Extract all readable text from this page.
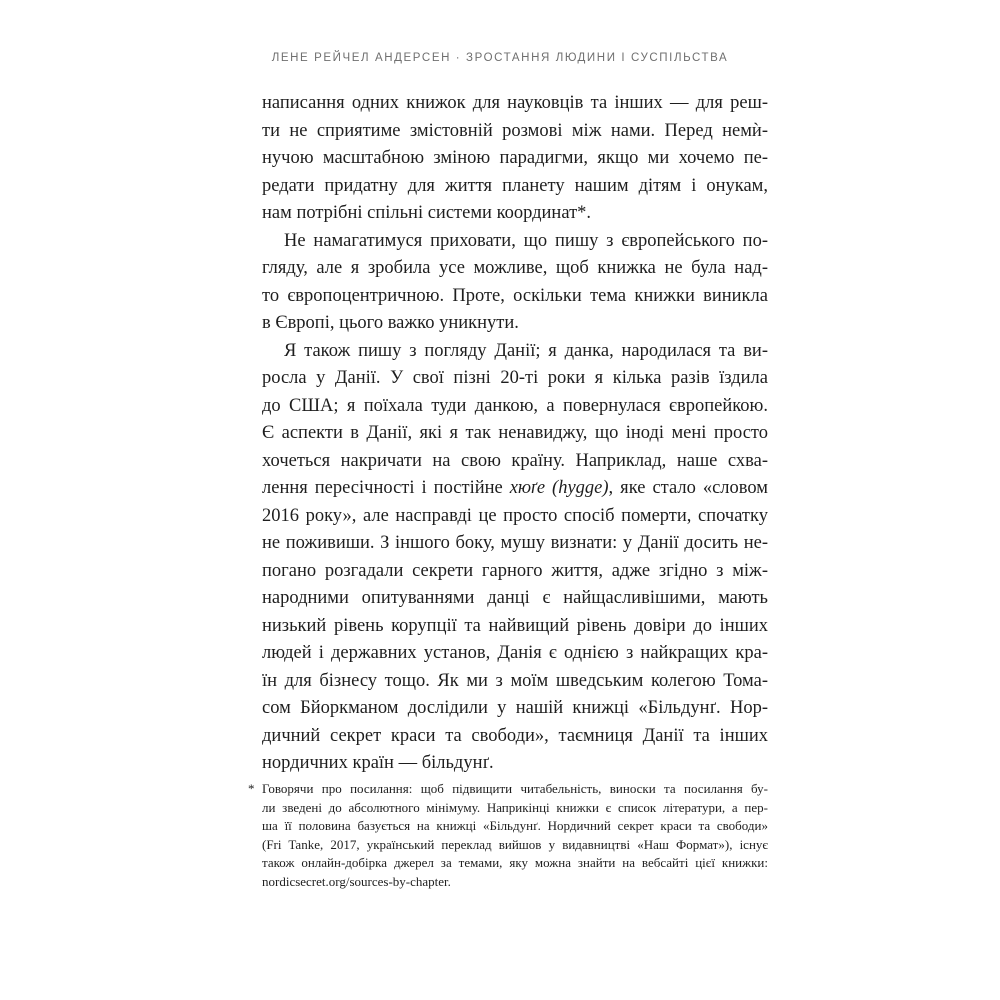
ЛЕНЕ РЕЙЧЕЛ АНДЕРСЕН · ЗРОСТАННЯ ЛЮДИНИ І СУСПІЛЬСТВА

написання одних книжок для науковців та інших — для реш-
ти не сприятиме змістовній розмові між нами. Перед немѝ-
нучою масштабною зміною парадигми, якщо ми хочемо пе-
редати придатну для життя планету нашим дітям і онукам,
нам потрібні спільні системи координат*.
Не намагатимуся приховати, що пишу з європейського по-
гляду, але я зробила усе можливе, щоб книжка не була над-
то європоцентричною. Проте, оскільки тема книжки виникла
в Європі, цього важко уникнути.
Я також пишу з погляду Данії; я данка, народилася та ви-
росла у Данії. У свої пізні 20-ті роки я кілька разів їздила
до США; я поїхала туди данкою, а повернулася європейкою.
Є аспекти в Данії, які я так ненавиджу, що іноді мені просто
хочеться накричати на свою країну. Наприклад, наше схва-
лення пересічності і постійне хюґе (hygge), яке стало «словом
2016 року», але насправді це просто спосіб померти, спочатку
не поживиши. З іншого боку, мушу визнати: у Данії досить не-
погано розгадали секрети гарного життя, адже згідно з між-
народними опитуваннями данці є найщасливішими, мають
низький рівень корупції та найвищий рівень довіри до інших
людей і державних установ, Данія є однією з найкращих кра-
їн для бізнесу тощо. Як ми з моїм шведським колегою Тома-
сом Бйоркманом дослідили у нашій книжці «Більдунґ. Нор-
дичний секрет краси та свободи», таємниця Данії та інших
нордичних країн — більдунґ.
* Говорячи про посилання: щоб підвищити читабельність, виноски та посилання бу-
ли зведені до абсолютного мінімуму. Наприкінці книжки є список літератури, а пер-
ша її половина базується на книжці «Більдунґ. Нордичний секрет краси та свободи»
(Fri Tanke, 2017, український переклад вийшов у видавництві «Наш Формат»), існує
також онлайн-добірка джерел за темами, яку можна знайти на вебсайті цієї книжки:
nordicsecret.org/sources-by-chapter.
